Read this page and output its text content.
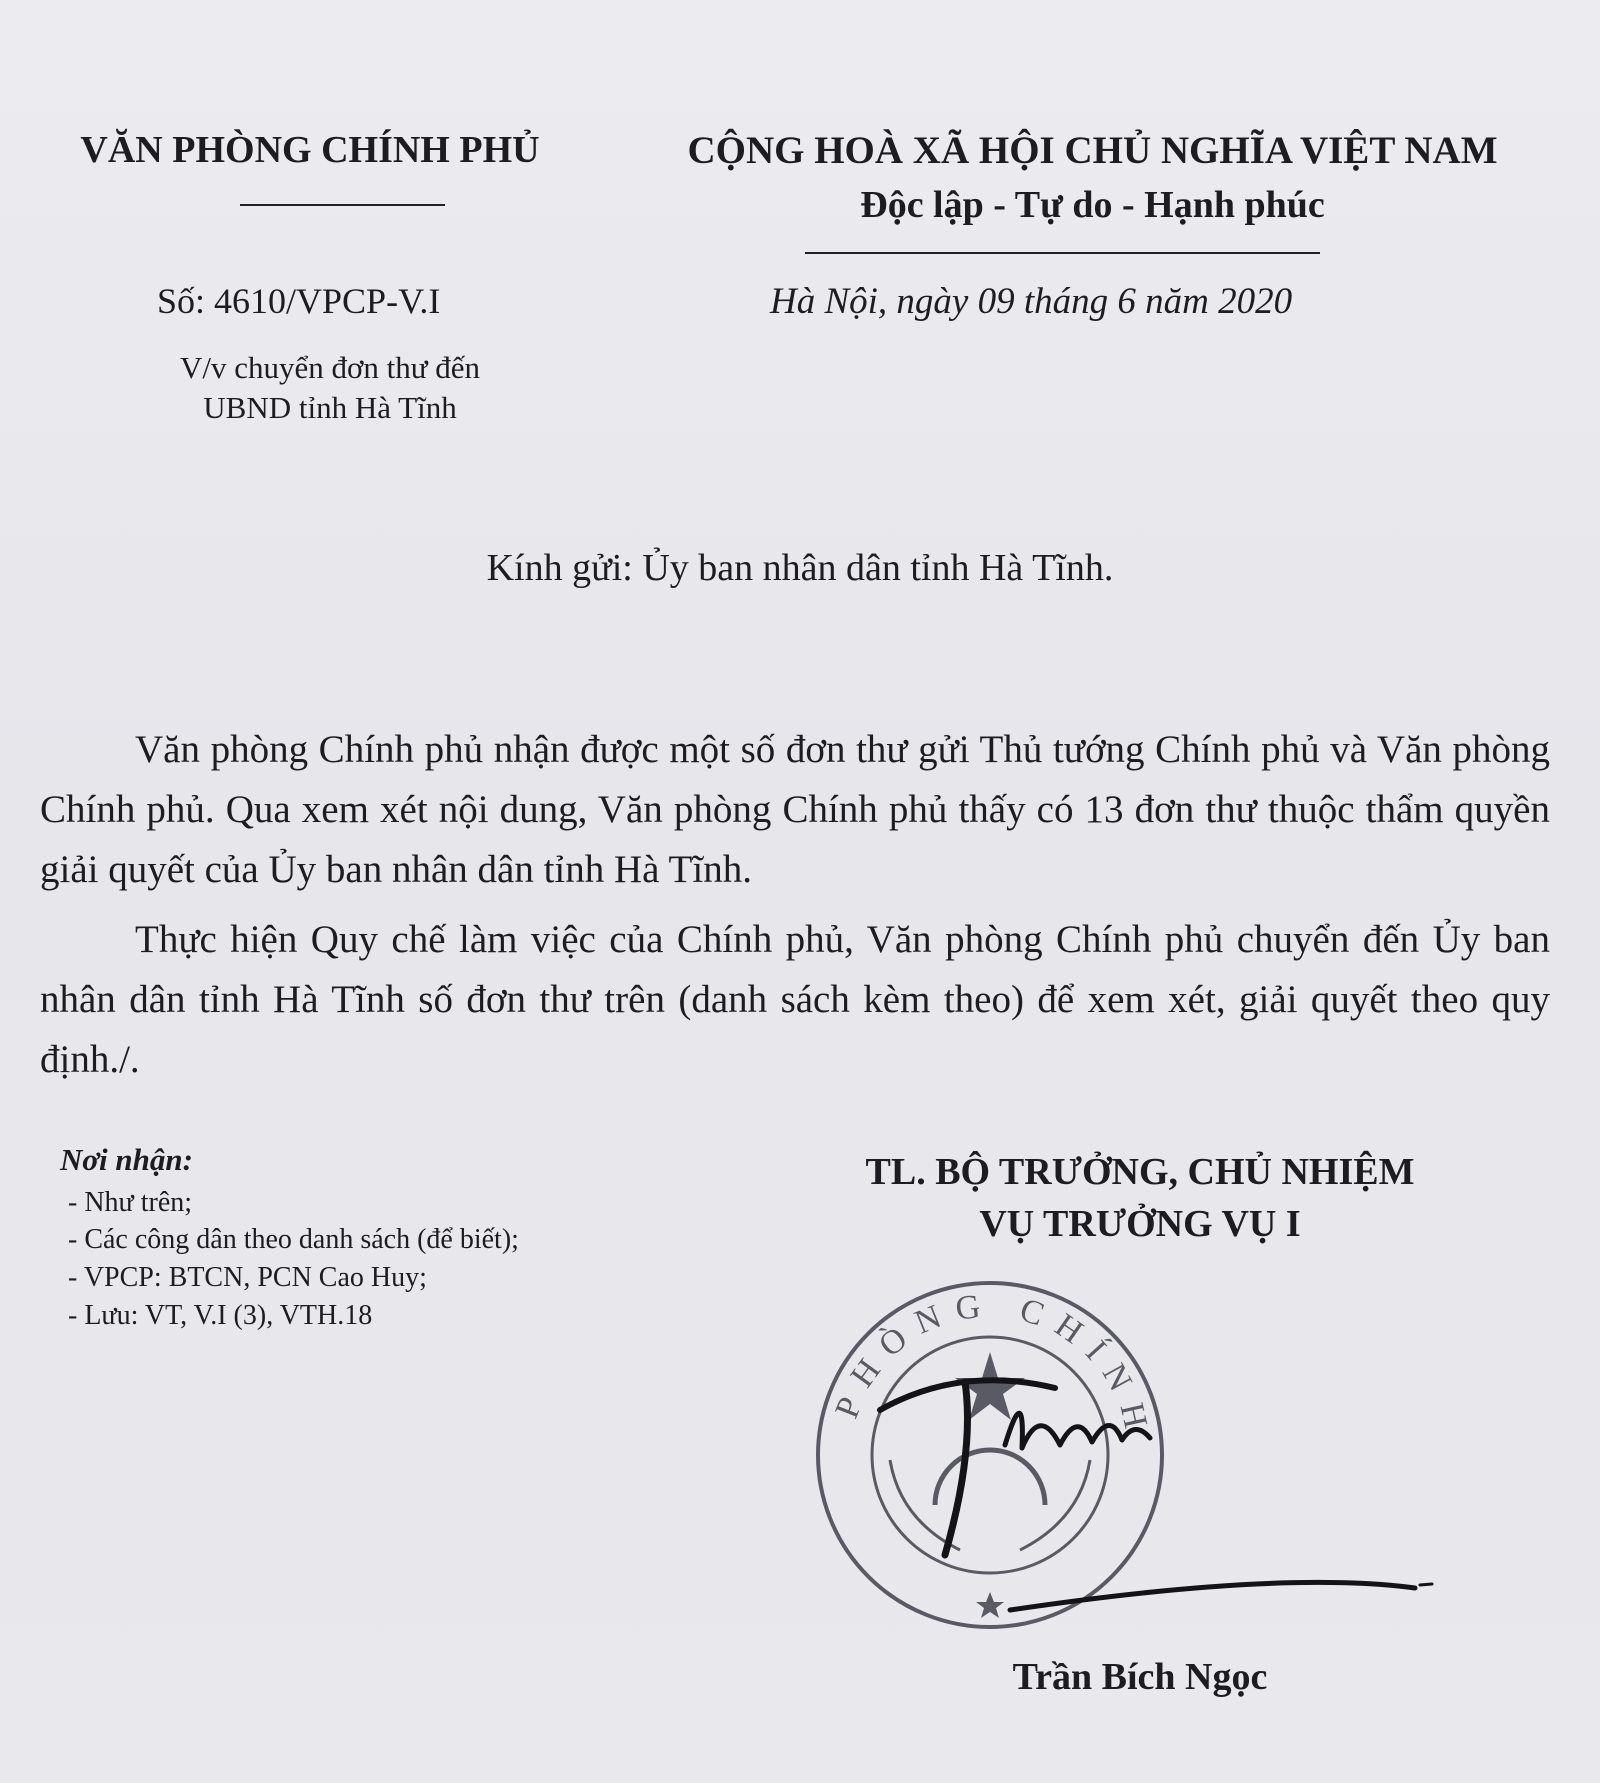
VĂN PHÒNG CHÍNH PHỦ
Số: 4610/VPCP-V.I
V/v chuyển đơn thư đến
UBND tỉnh Hà Tĩnh
CỘNG HOÀ XÃ HỘI CHỦ NGHĨA VIỆT NAM
Độc lập - Tự do - Hạnh phúc
Hà Nội, ngày 09 tháng 6 năm 2020
Kính gửi: Ủy ban nhân dân tỉnh Hà Tĩnh.
Văn phòng Chính phủ nhận được một số đơn thư gửi Thủ tướng Chính phủ và Văn phòng Chính phủ. Qua xem xét nội dung, Văn phòng Chính phủ thấy có 13 đơn thư thuộc thẩm quyền giải quyết của Ủy ban nhân dân tỉnh Hà Tĩnh.
Thực hiện Quy chế làm việc của Chính phủ, Văn phòng Chính phủ chuyển đến Ủy ban nhân dân tỉnh Hà Tĩnh số đơn thư trên (danh sách kèm theo) để xem xét, giải quyết theo quy định./.
Nơi nhận:
- Như trên;
- Các công dân theo danh sách (để biết);
- VPCP: BTCN, PCN Cao Huy;
- Lưu: VT, V.I (3), VTH.18
TL. BỘ TRƯỞNG, CHỦ NHIỆM
VỤ TRƯỞNG VỤ I
PHÒNG CHÍNH
Trần Bích Ngọc
